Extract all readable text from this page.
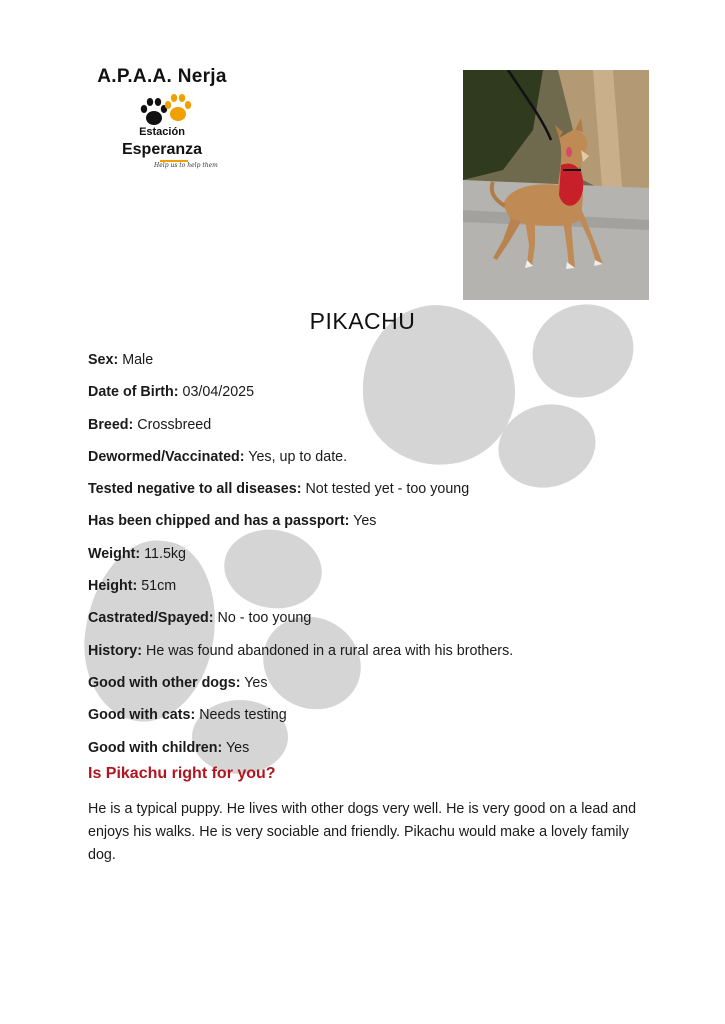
A.P.A.A. Nerja
Estación
Esperanza
Help us to help them
PIKACHU
Sex: Male
Date of Birth: 03/04/2025
Breed: Crossbreed
Dewormed/Vaccinated: Yes, up to date.
Tested negative to all diseases: Not tested yet - too young
Has been chipped and has a passport: Yes
Weight: 11.5kg
Height: 51cm
Castrated/Spayed: No - too young
History: He was found abandoned in a rural area with his brothers.
Good with other dogs: Yes
Good with cats: Needs testing
Good with children: Yes
Is Pikachu right for you?
He is a typical puppy. He lives with other dogs very well. He is very good on a lead and enjoys his walks. He is very sociable and friendly. Pikachu would make a lovely family dog.
